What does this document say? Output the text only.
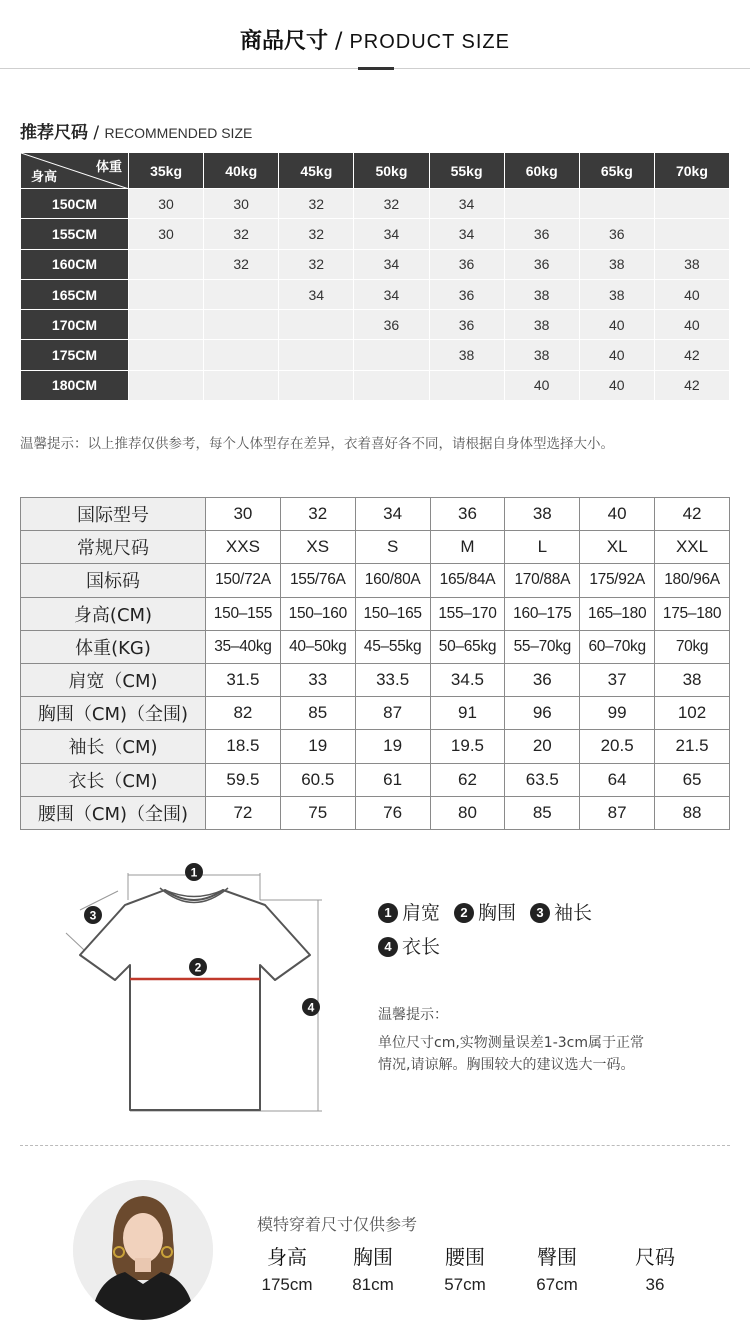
商品尺寸 / PRODUCT SIZE
推荐尺码 / RECOMMENDED SIZE
体重
身高	35kg	40kg	45kg	50kg	55kg	60kg	65kg	70kg
150CM	30	30	32	32	34			
155CM	30	32	32	34	34	36	36	
160CM		32	32	34	36	36	38	38
165CM			34	34	36	38	38	40
170CM				36	36	38	40	40
175CM					38	38	40	42
180CM						40	40	42
温馨提示：以上推荐仅供参考，每个人体型存在差异，衣着喜好各不同，请根据自身体型选择大小。
国际型号	30	32	34	36	38	40	42
常规尺码	XXS	XS	S	M	L	XL	XXL
国标码	150/72A	155/76A	160/80A	165/84A	170/88A	175/92A	180/96A
身高(CM)	150–155	150–160	150–165	155–170	160–175	165–180	175–180
体重(KG)	35–40kg	40–50kg	45–55kg	50–65kg	55–70kg	60–70kg	70kg
肩宽（CM)	31.5	33	33.5	34.5	36	37	38
胸围（CM)（全围)	82	85	87	91	96	99	102
袖长（CM)	18.5	19	19	19.5	20	20.5	21.5
衣长（CM)	59.5	60.5	61	62	63.5	64	65
腰围（CM)（全围)	72	75	76	80	85	87	88
1
2
3
4
1 肩宽 2 胸围 3 袖长
4 衣长
温馨提示：
单位尺寸cm,实物测量误差1-3cm属于正常
情况,请谅解。胸围较大的建议选大一码。
模特穿着尺寸仅供参考
身高
175cm
胸围
81cm
腰围
57cm
臀围
67cm
尺码
36
